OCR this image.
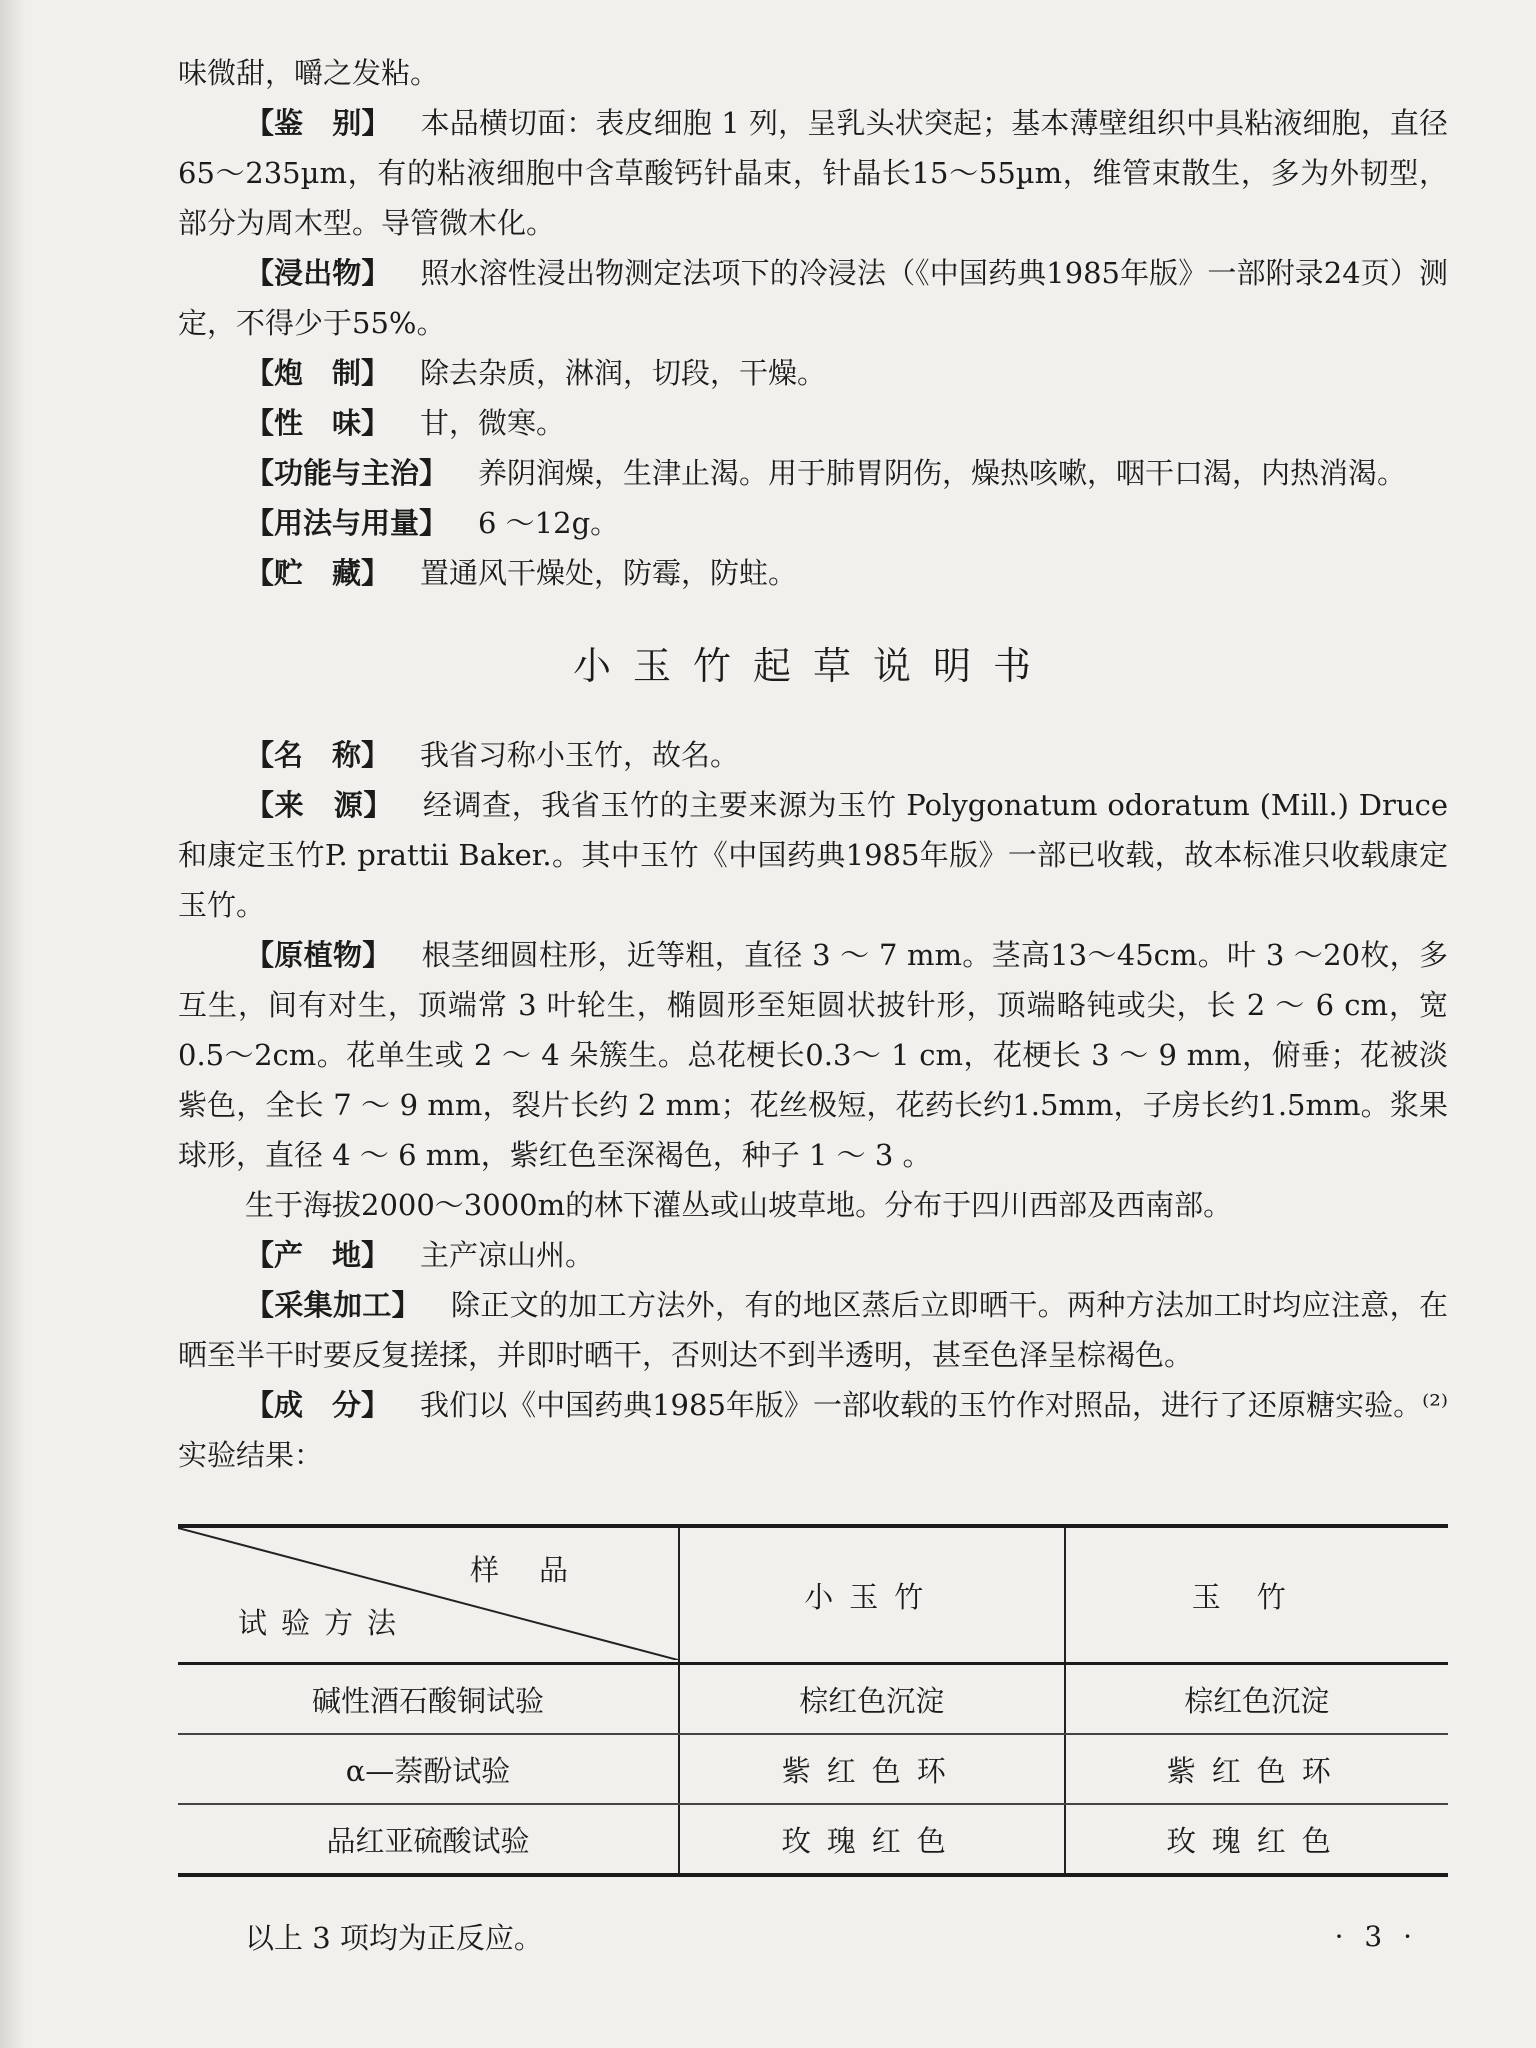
味微甜，嚼之发粘。

【鉴　别】 本品横切面：表皮细胞 1 列，呈乳头状突起；基本薄壁组织中具粘液细胞，直径65～235µm，有的粘液细胞中含草酸钙针晶束，针晶长15～55µm，维管束散生，多为外韧型，部分为周木型。导管微木化。

【浸出物】 照水溶性浸出物测定法项下的冷浸法（《中国药典1985年版》一部附录24页）测定，不得少于55%。

【炮　制】 除去杂质，淋润，切段，干燥。

【性　味】 甘，微寒。

【功能与主治】 养阴润燥，生津止渴。用于肺胃阴伤，燥热咳嗽，咽干口渴，内热消渴。

【用法与用量】 6 ～12g。

【贮　藏】 置通风干燥处，防霉，防蛀。

小玉竹起草说明书

【名　称】 我省习称小玉竹，故名。

【来　源】 经调查，我省玉竹的主要来源为玉竹 Polygonatum odoratum (Mill.) Druce 和康定玉竹P. prattii Baker.。其中玉竹《中国药典1985年版》一部已收载，故本标准只收载康定玉竹。

【原植物】 根茎细圆柱形，近等粗，直径 3 ～ 7 mm。茎高13～45cm。叶 3 ～20枚，多互生，间有对生，顶端常 3 叶轮生，椭圆形至矩圆状披针形，顶端略钝或尖，长 2 ～ 6 cm，宽0.5～2cm。花单生或 2 ～ 4 朵簇生。总花梗长0.3～ 1 cm，花梗长 3 ～ 9 mm，俯垂；花被淡紫色，全长 7 ～ 9 mm，裂片长约 2 mm；花丝极短，花药长约1.5mm，子房长约1.5mm。浆果球形，直径 4 ～ 6 mm，紫红色至深褐色，种子 1 ～ 3 。

生于海拔2000～3000m的林下灌丛或山坡草地。分布于四川西部及西南部。

【产　地】 主产凉山州。

【采集加工】 除正文的加工方法外，有的地区蒸后立即晒干。两种方法加工时均应注意，在晒至半干时要反复搓揉，并即时晒干，否则达不到半透明，甚至色泽呈棕褐色。

【成　分】 我们以《中国药典1985年版》一部收载的玉竹作对照品，进行了还原糖实验。⁽²⁾实验结果：

样品
试验方法	小玉竹	玉竹
碱性酒石酸铜试验	棕红色沉淀	棕红色沉淀
α—萘酚试验	紫红色环	紫红色环
品红亚硫酸试验	玫瑰红色	玫瑰红色

以上 3 项均为正反应。	· 3 ·
